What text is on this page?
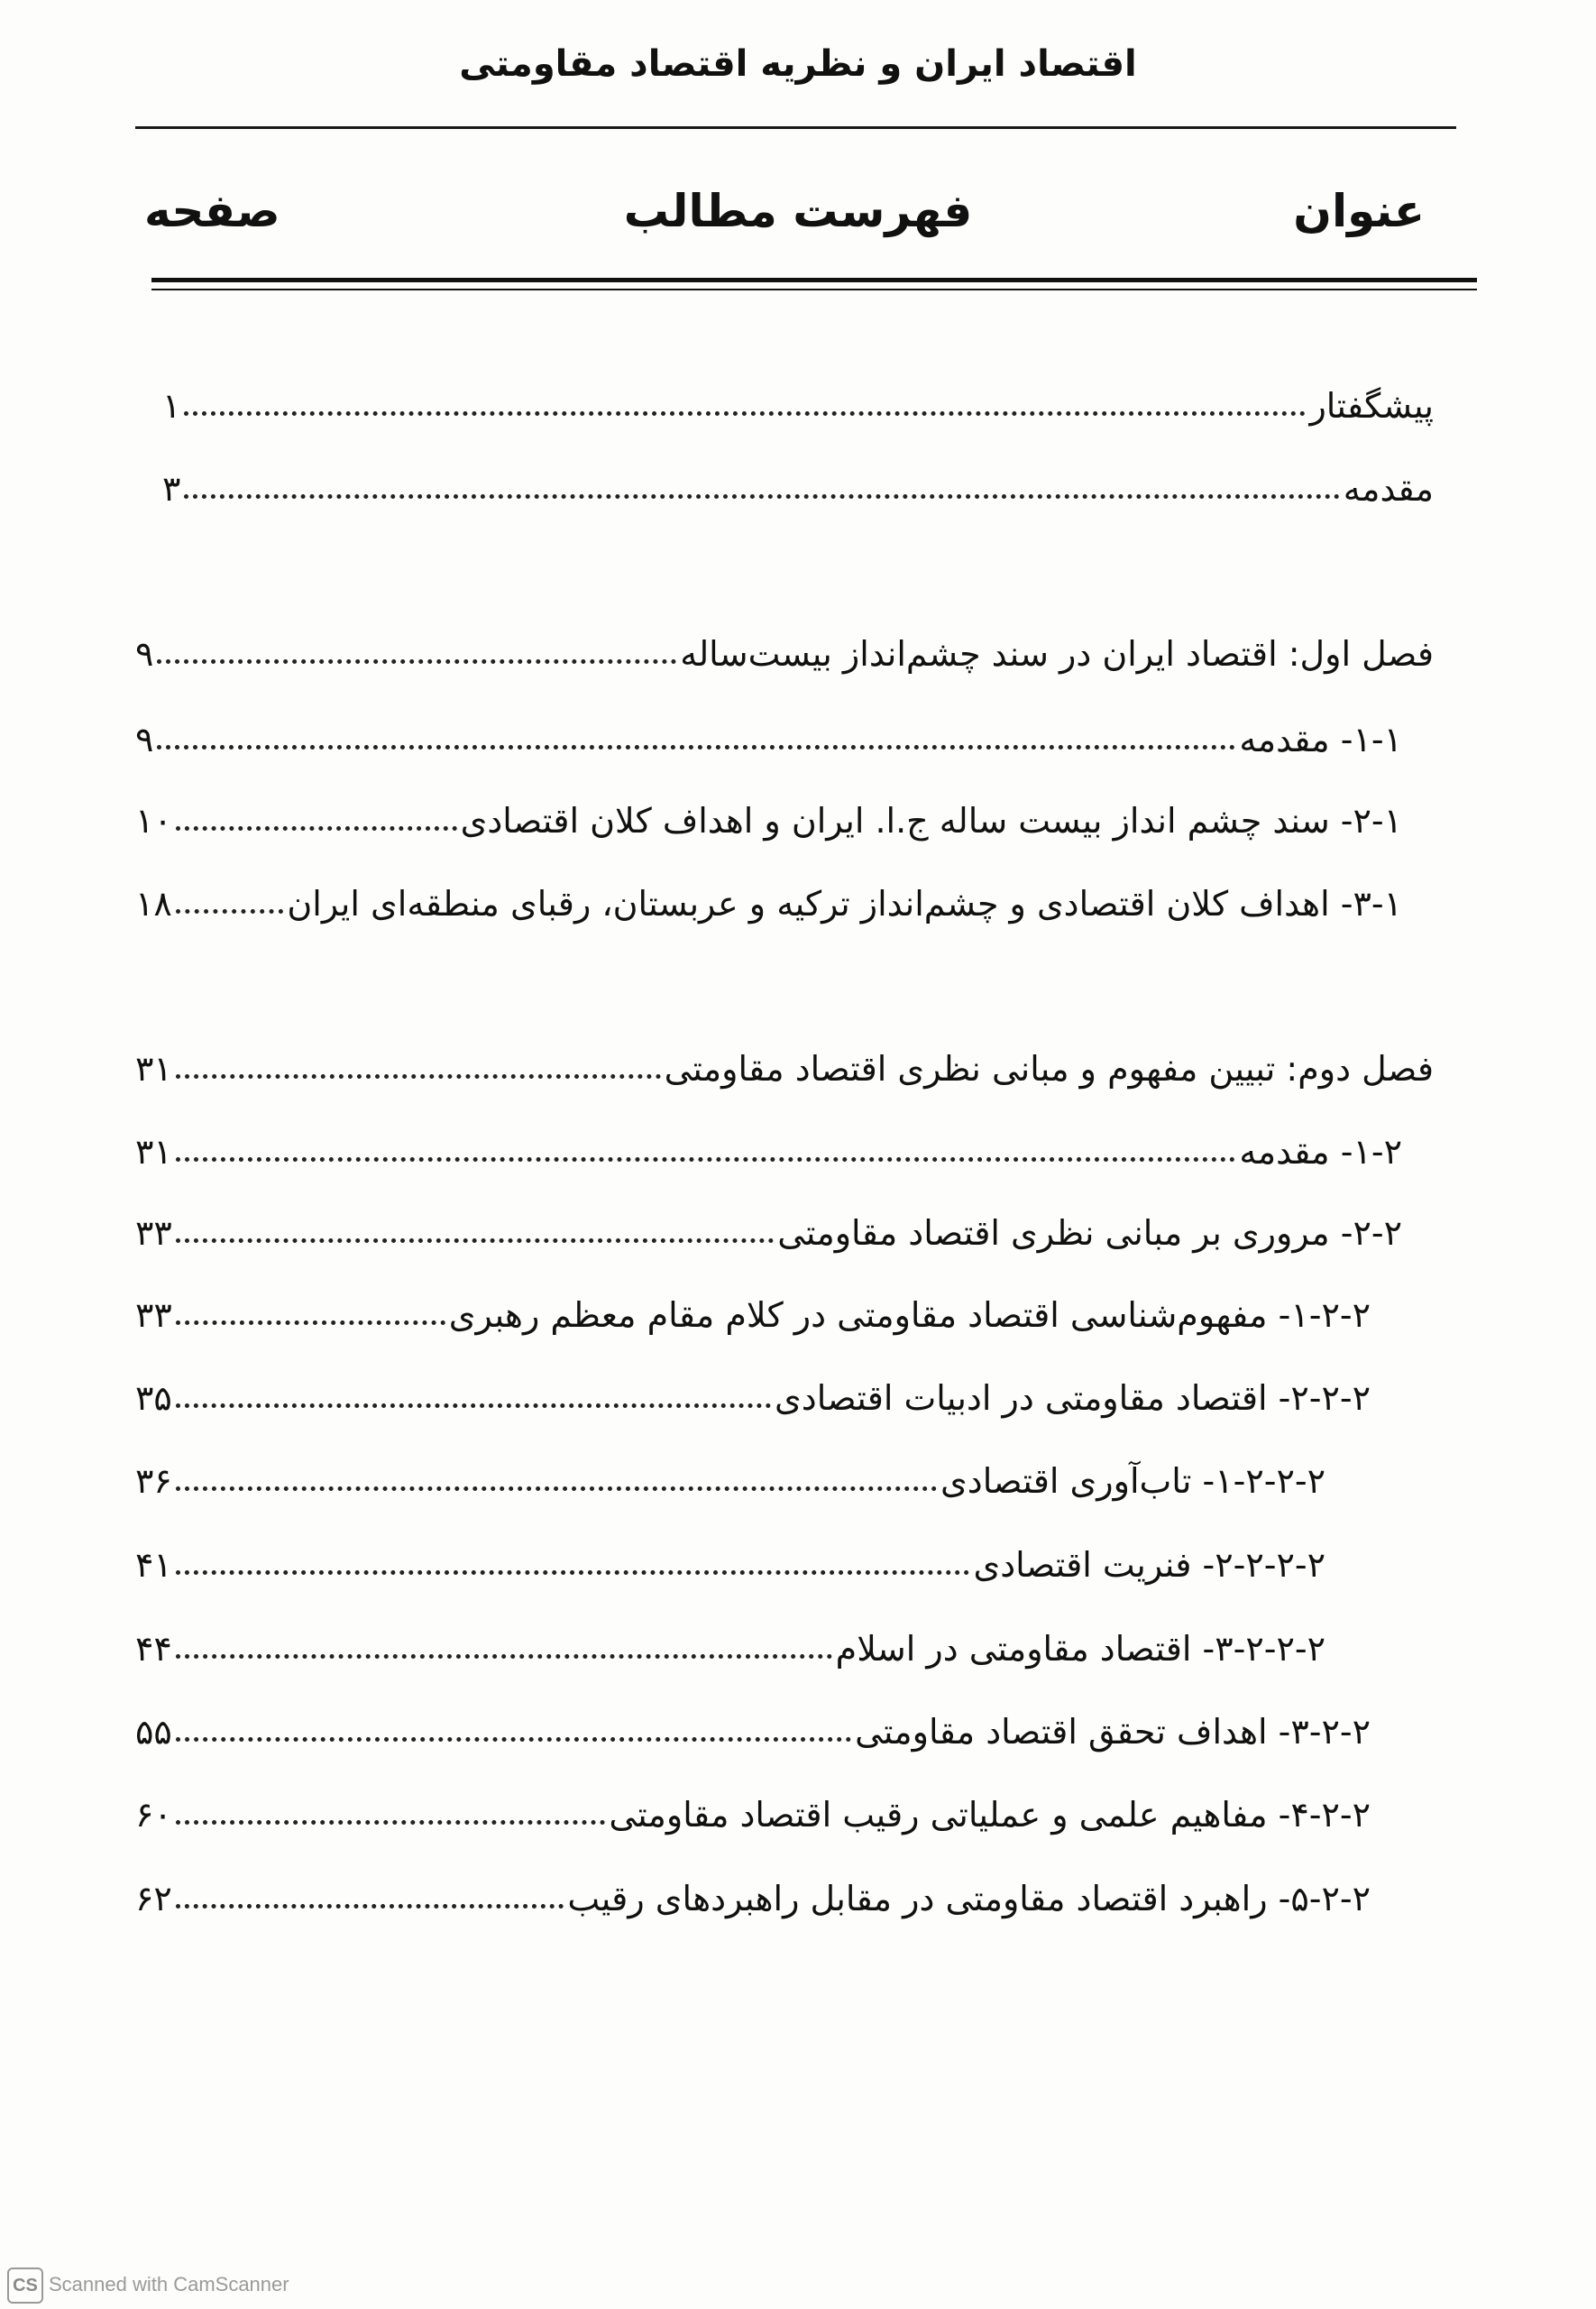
اقتصاد ایران و نظریه اقتصاد مقاومتی
عنوان
فهرست مطالب
صفحه
پیشگفتار
۱
مقدمه
۳
فصل اول: اقتصاد ایران در سند چشم‌انداز بیست‌ساله
۹
۱-۱- مقدمه
۹
۲-۱- سند چشم انداز بیست ساله ج.ا. ایران و اهداف کلان اقتصادی
۱۰
۳-۱- اهداف کلان اقتصادی و چشم‌انداز ترکیه و عربستان، رقبای منطقه‌ای ایران
۱۸
فصل دوم: تبیین مفهوم و مبانی نظری اقتصاد مقاومتی
۳۱
۱-۲- مقدمه
۳۱
۲-۲- مروری بر مبانی نظری اقتصاد مقاومتی
۳۳
۱-۲-۲- مفهوم‌شناسی اقتصاد مقاومتی در کلام مقام معظم رهبری
۳۳
۲-۲-۲- اقتصاد مقاومتی در ادبیات اقتصادی
۳۵
۱-۲-۲-۲- تاب‌آوری اقتصادی
۳۶
۲-۲-۲-۲- فنریت اقتصادی
۴۱
۳-۲-۲-۲- اقتصاد مقاومتی در اسلام
۴۴
۳-۲-۲- اهداف تحقق اقتصاد مقاومتی
۵۵
۴-۲-۲- مفاهیم علمی و عملیاتی رقیب اقتصاد مقاومتی
۶۰
۵-۲-۲- راهبرد اقتصاد مقاومتی در مقابل راهبردهای رقیب
۶۲
CS Scanned with CamScanner
